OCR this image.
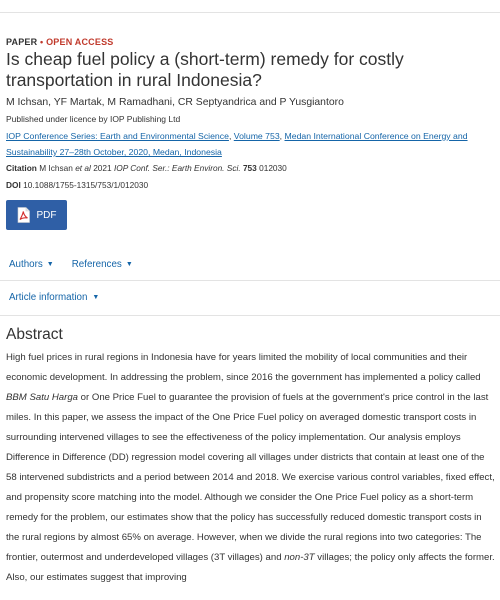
PAPER • OPEN ACCESS
Is cheap fuel policy a (short-term) remedy for costly transportation in rural Indonesia?
M Ichsan, YF Martak, M Ramadhani, CR Septyandrica and P Yusgiantoro
Published under licence by IOP Publishing Ltd
IOP Conference Series: Earth and Environmental Science, Volume 753, Medan International Conference on Energy and Sustainability 27–28th October, 2020, Medan, Indonesia
Citation M Ichsan et al 2021 IOP Conf. Ser.: Earth Environ. Sci. 753 012030
DOI 10.1088/1755-1315/753/1/012030
PDF
Authors ▼ References ▼
Article information ▼
Abstract

High fuel prices in rural regions in Indonesia have for years limited the mobility of local communities and their economic development. In addressing the problem, since 2016 the government has implemented a policy called BBM Satu Harga or One Price Fuel to guarantee the provision of fuels at the government's price control in the last miles. In this paper, we assess the impact of the One Price Fuel policy on averaged domestic transport costs in surrounding intervened villages to see the effectiveness of the policy implementation. Our analysis employs Difference in Difference (DD) regression model covering all villages under districts that contain at least one of the 58 intervened subdistricts and a period between 2014 and 2018. We exercise various control variables, fixed effect, and propensity score matching into the model. Although we consider the One Price Fuel policy as a short-term remedy for the problem, our estimates show that the policy has successfully reduced domestic transport costs in the rural regions by almost 65% on average. However, when we divide the rural regions into two categories: The frontier, outermost and underdeveloped villages (3T villages) and non-3T villages; the policy only affects the former. Also, our estimates suggest that improving
